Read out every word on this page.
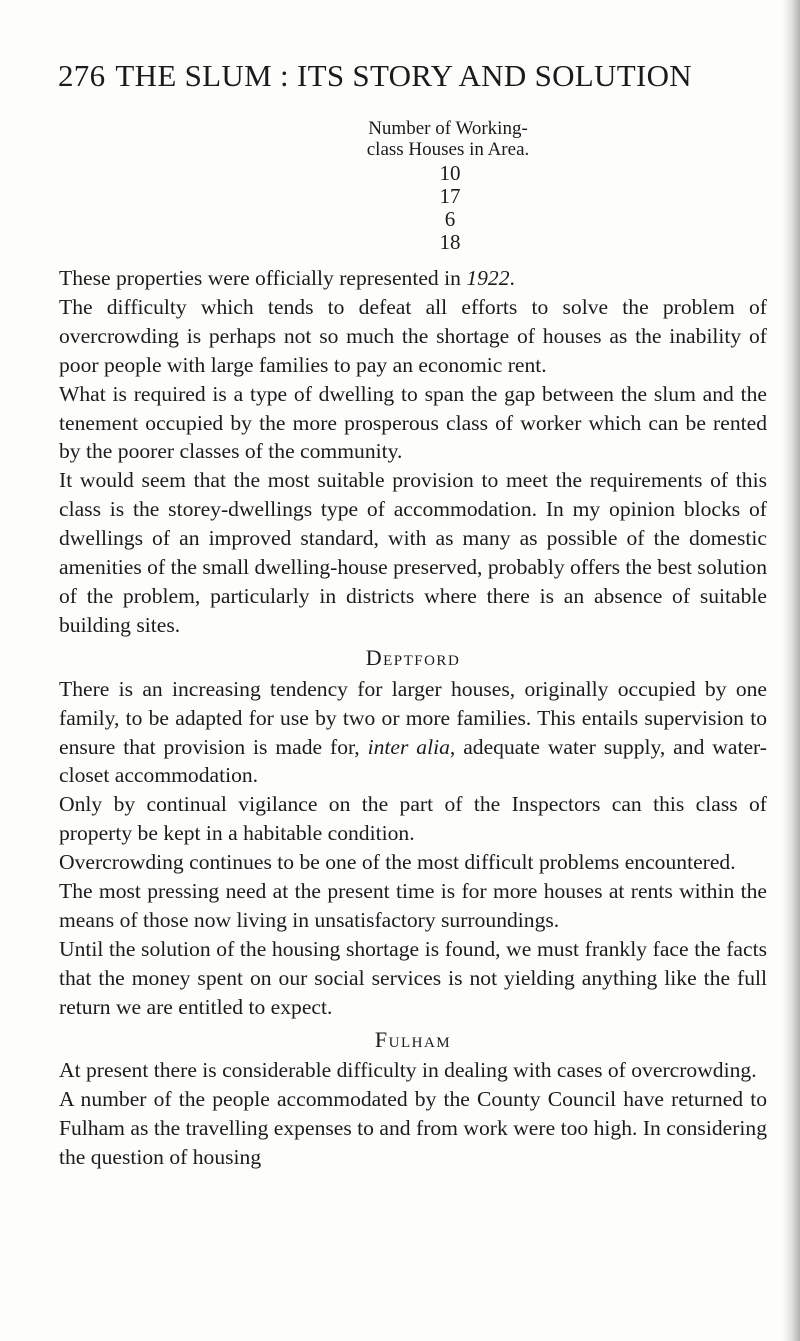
276 THE SLUM : ITS STORY AND SOLUTION
Number of Working-
class Houses in Area.
10
17
6
18

These properties were officially represented in 1922.

The difficulty which tends to defeat all efforts to solve the problem of overcrowding is perhaps not so much the shortage of houses as the inability of poor people with large families to pay an economic rent.

What is required is a type of dwelling to span the gap between the slum and the tenement occupied by the more prosperous class of worker which can be rented by the poorer classes of the community.

It would seem that the most suitable provision to meet the requirements of this class is the storey-dwellings type of accommodation. In my opinion blocks of dwellings of an improved standard, with as many as possible of the domestic amenities of the small dwelling-house preserved, probably offers the best solution of the problem, particularly in districts where there is an absence of suitable building sites.

Deptford

There is an increasing tendency for larger houses, originally occupied by one family, to be adapted for use by two or more families. This entails supervision to ensure that provision is made for, inter alia, adequate water supply, and water-closet accommodation.

Only by continual vigilance on the part of the Inspectors can this class of property be kept in a habitable condition.

Overcrowding continues to be one of the most difficult problems encountered.

The most pressing need at the present time is for more houses at rents within the means of those now living in unsatisfactory surroundings.

Until the solution of the housing shortage is found, we must frankly face the facts that the money spent on our social services is not yielding anything like the full return we are entitled to expect.

Fulham

At present there is considerable difficulty in dealing with cases of overcrowding.

A number of the people accommodated by the County Council have returned to Fulham as the travelling expenses to and from work were too high. In considering the question of housing
